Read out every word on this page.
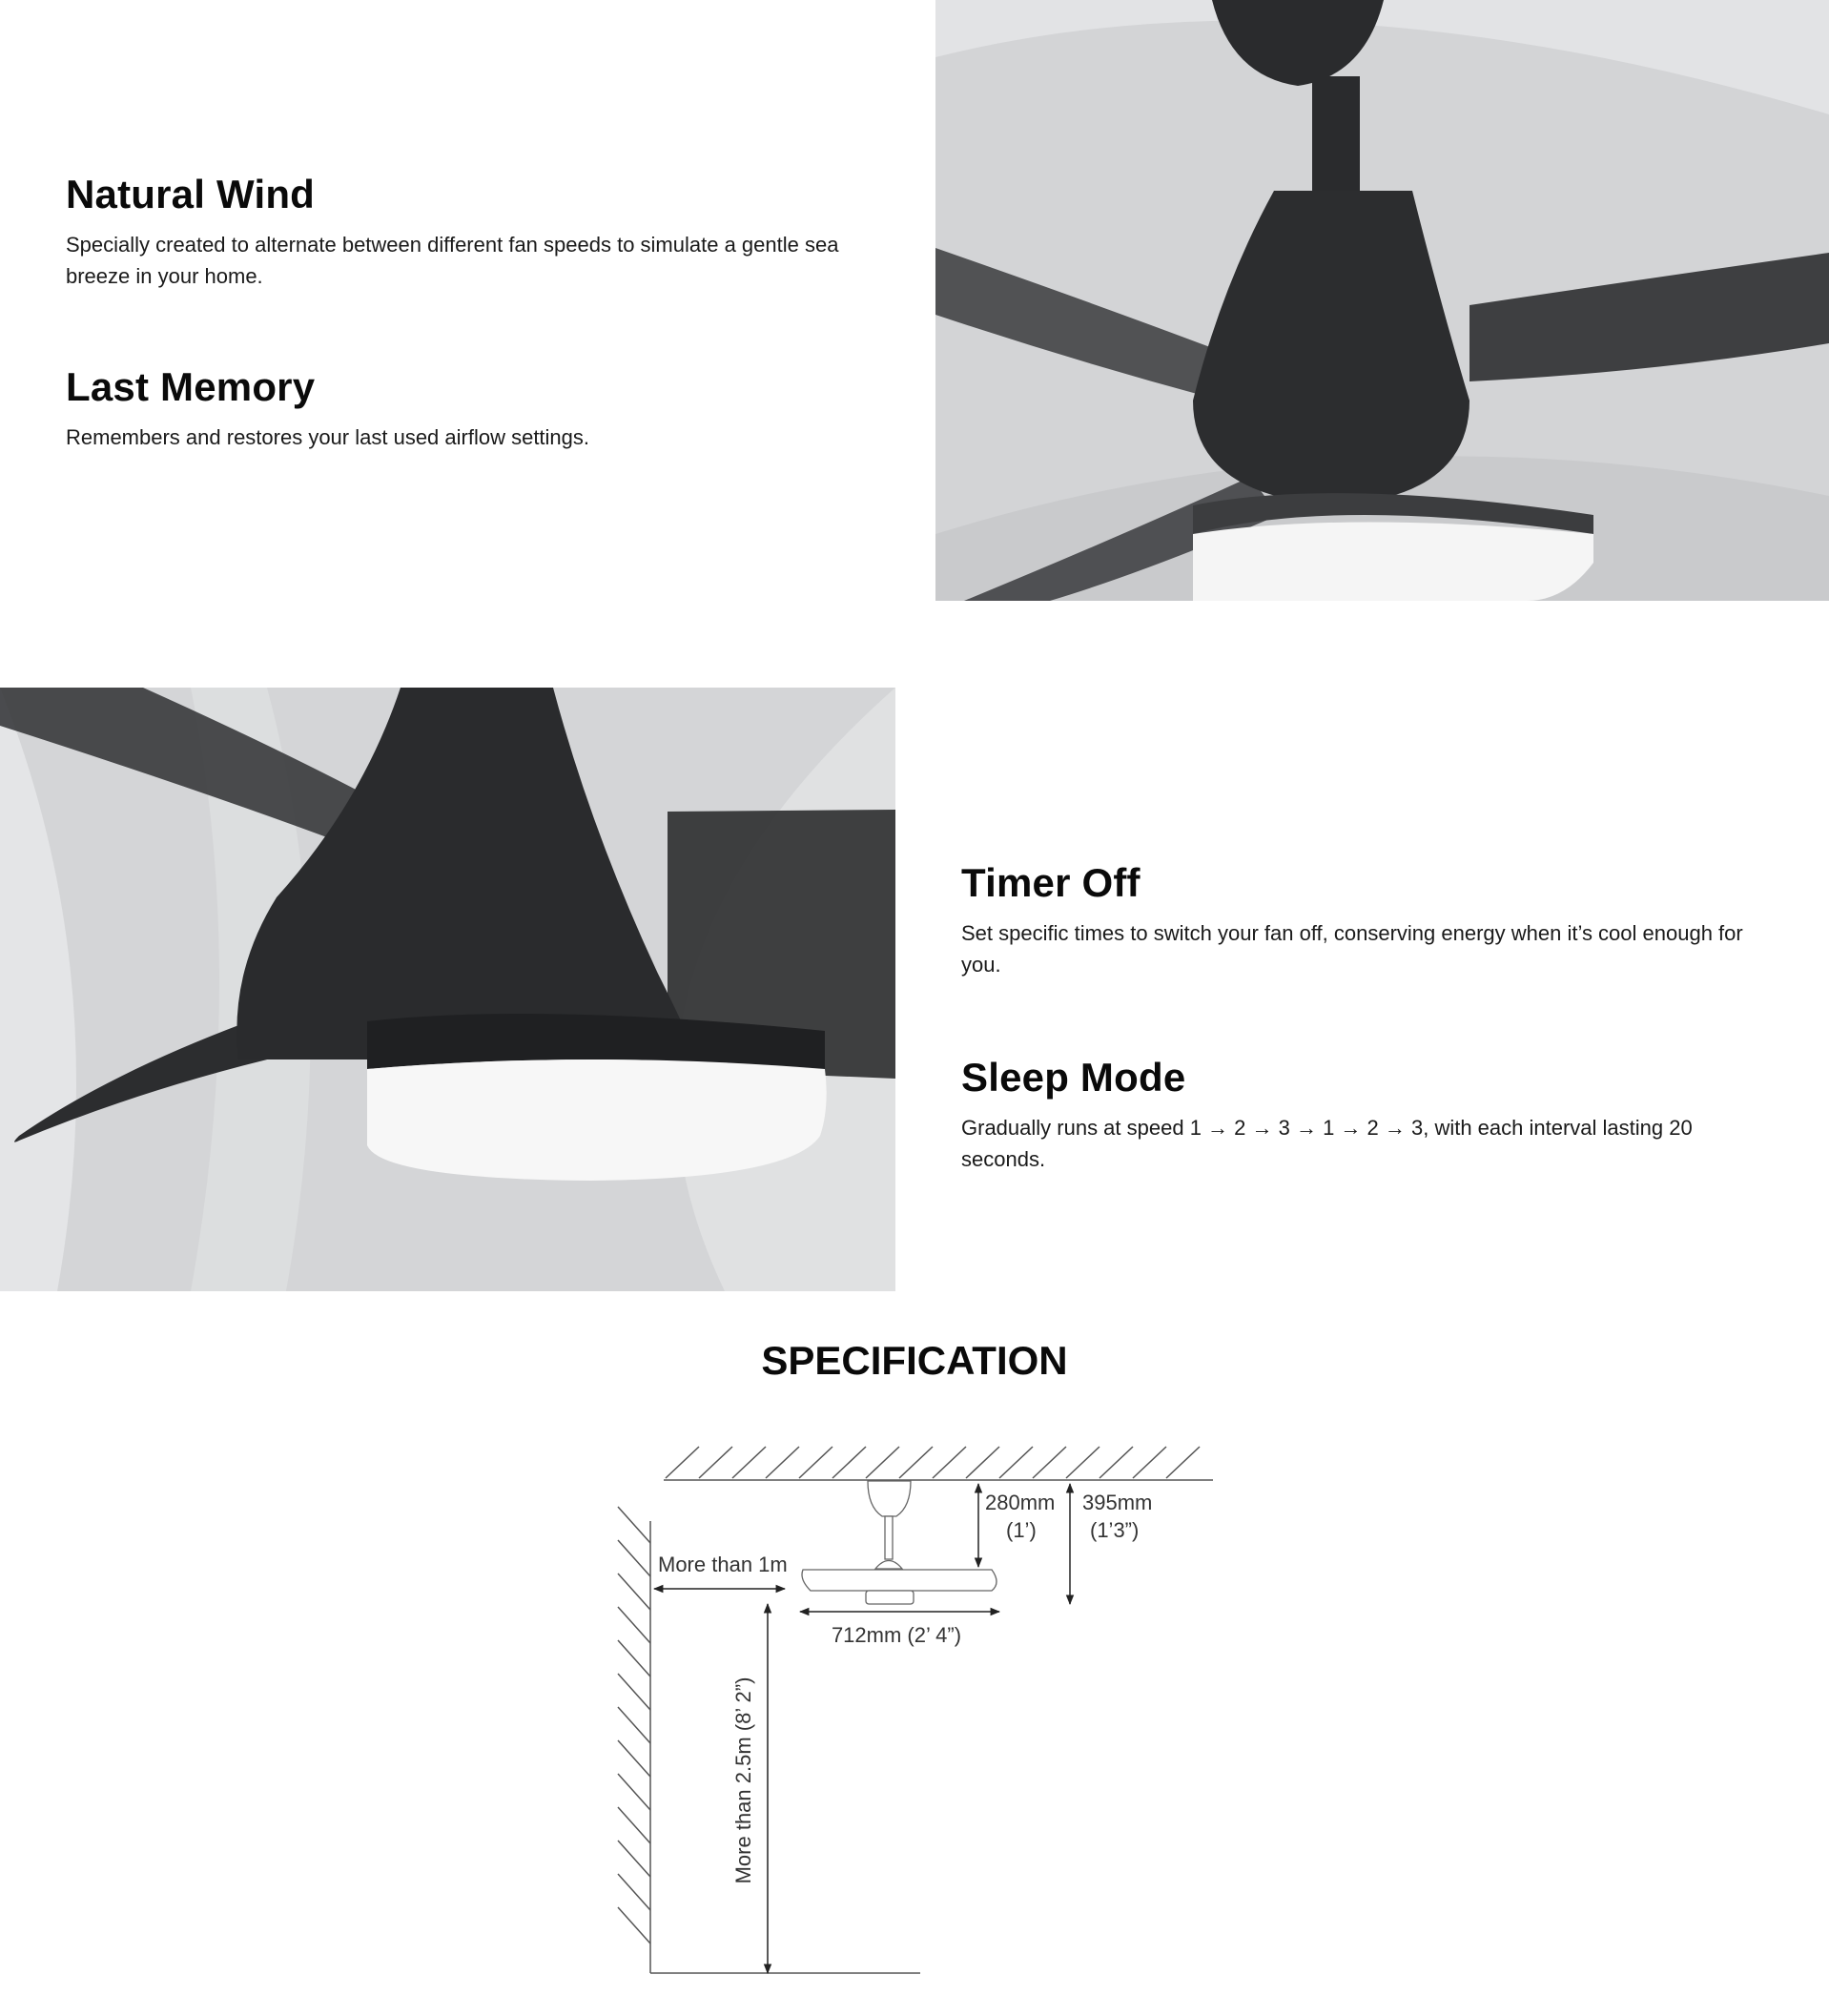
Natural Wind

Specially created to alternate between different fan speeds to simulate a gentle sea breeze in your home.

Last Memory

Remembers and restores your last used airflow settings.

Timer Off

Set specific times to switch your fan off, conserving energy when it’s cool enough for you.

Sleep Mode

Gradually runs at speed 1 → 2 → 3 → 1 → 2 → 3, with each interval lasting 20 seconds.

SPECIFICATION
280mm
(1’)
395mm
(1’3”)
More than 1m
712mm (2’ 4”)
More than 2.5m (8’ 2”)
